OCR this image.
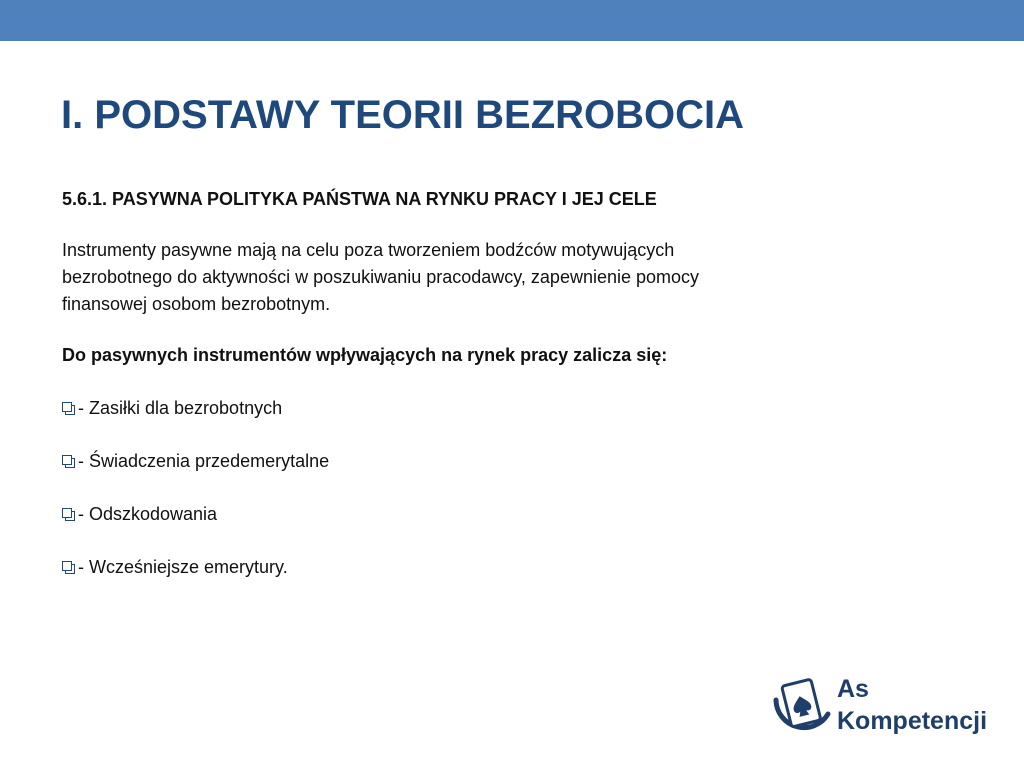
I. PODSTAWY TEORII BEZROBOCIA

5.6.1. PASYWNA POLITYKA PAŃSTWA NA RYNKU PRACY I JEJ CELE

Instrumenty pasywne mają na celu poza tworzeniem bodźców motywujących
bezrobotnego do aktywności w poszukiwaniu pracodawcy, zapewnienie pomocy
finansowej osobom bezrobotnym.

Do pasywnych instrumentów wpływających na rynek pracy zalicza się:

- Zasiłki dla bezrobotnych
- Świadczenia przedemerytalne
- Odszkodowania
- Wcześniejsze emerytury.
As
Kompetencji
